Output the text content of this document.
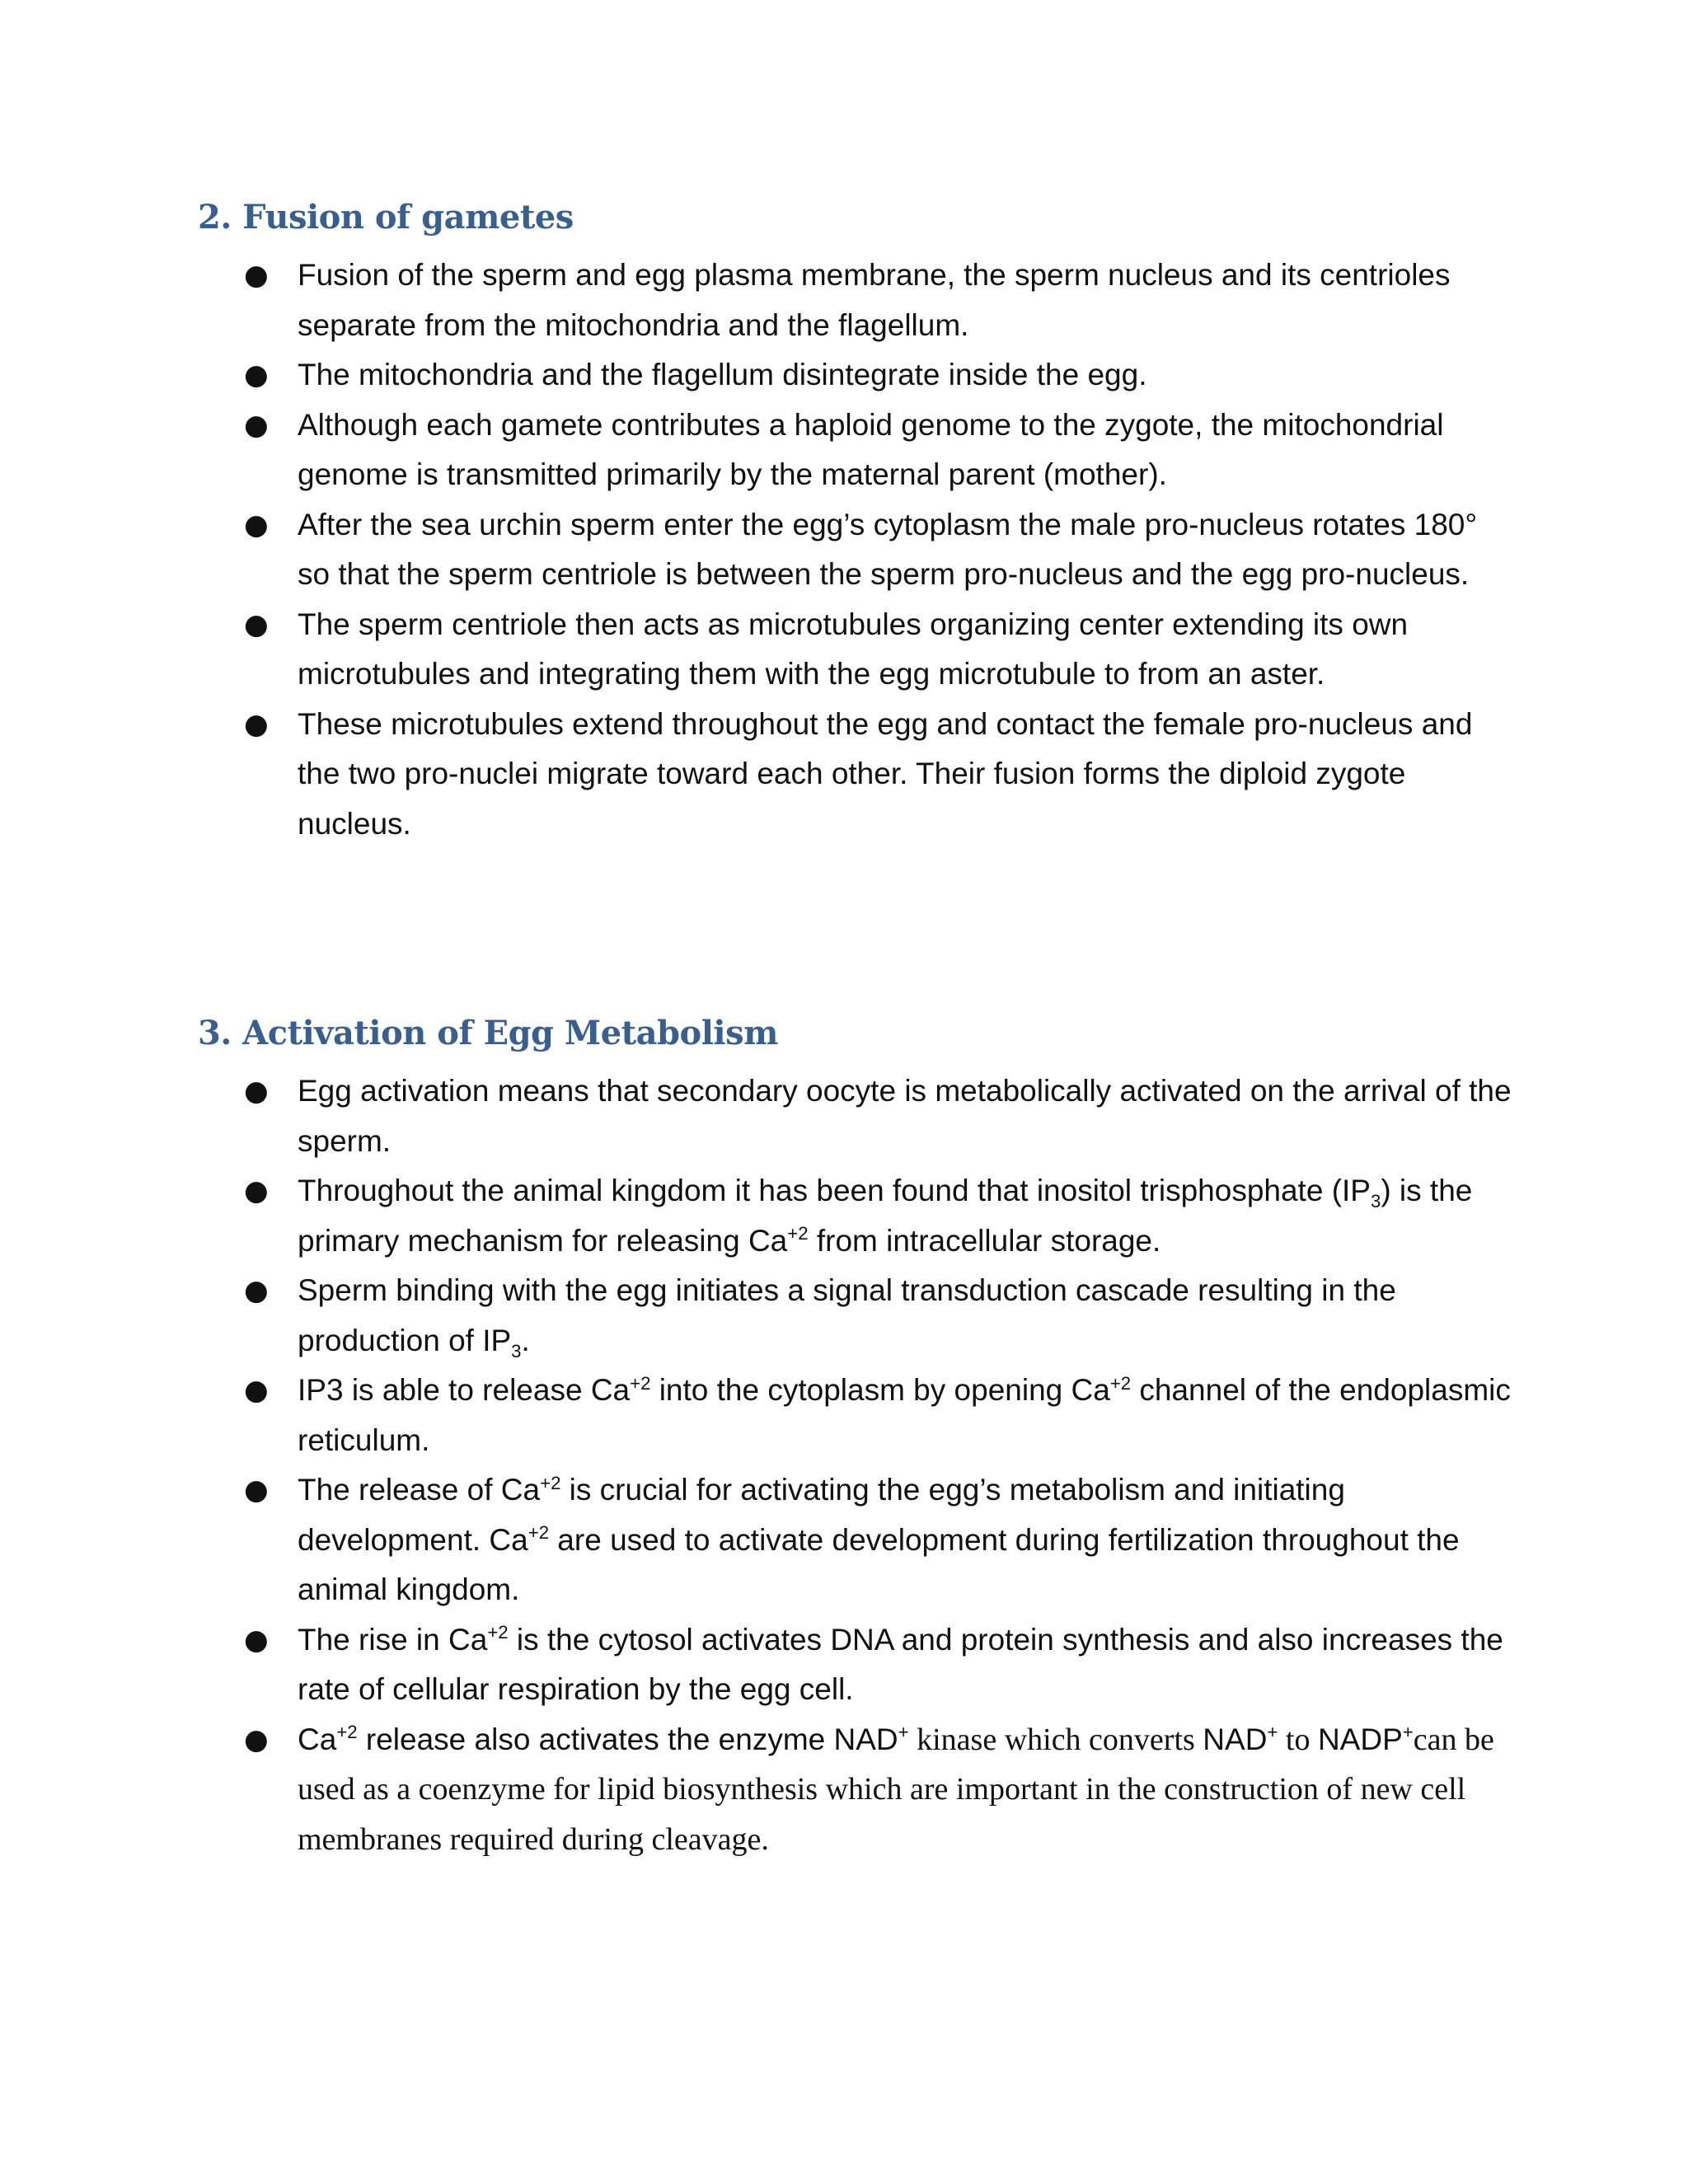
2. Fusion of gametes
● Fusion of the sperm and egg plasma membrane, the sperm nucleus and its centrioles separate from the mitochondria and the flagellum.
● The mitochondria and the flagellum disintegrate inside the egg.
● Although each gamete contributes a haploid genome to the zygote, the mitochondrial genome is transmitted primarily by the maternal parent (mother).
● After the sea urchin sperm enter the egg’s cytoplasm the male pro-nucleus rotates 180° so that the sperm centriole is between the sperm pro-nucleus and the egg pro-nucleus.
● The sperm centriole then acts as microtubules organizing center extending its own microtubules and integrating them with the egg microtubule to from an aster.
● These microtubules extend throughout the egg and contact the female pro-nucleus and the two pro-nuclei migrate toward each other. Their fusion forms the diploid zygote nucleus.
3. Activation of Egg Metabolism
● Egg activation means that secondary oocyte is metabolically activated on the arrival of the sperm.
● Throughout the animal kingdom it has been found that inositol trisphosphate $(IP_3)$ is the primary mechanism for releasing $Ca^{+2}$ from intracellular storage.
● Sperm binding with the egg initiates a signal transduction cascade resulting in the production of $IP_3$.
● IP3 is able to release $Ca^{+2}$ into the cytoplasm by opening $Ca^{+2}$ channel of the endoplasmic reticulum.
● The release of $Ca^{+2}$ is crucial for activating the egg’s metabolism and initiating development. $Ca^{+2}$ are used to activate development during fertilization throughout the animal kingdom.
● The rise in $Ca^{+2}$ is the cytosol activates DNA and protein synthesis and also increases the rate of cellular respiration by the egg cell.
● $Ca^{+2}$ release also activates the enzyme NAD+ kinase which converts NAD+ to NADP+can be used as a coenzyme for lipid biosynthesis which are important in the construction of new cell membranes required during cleavage.
